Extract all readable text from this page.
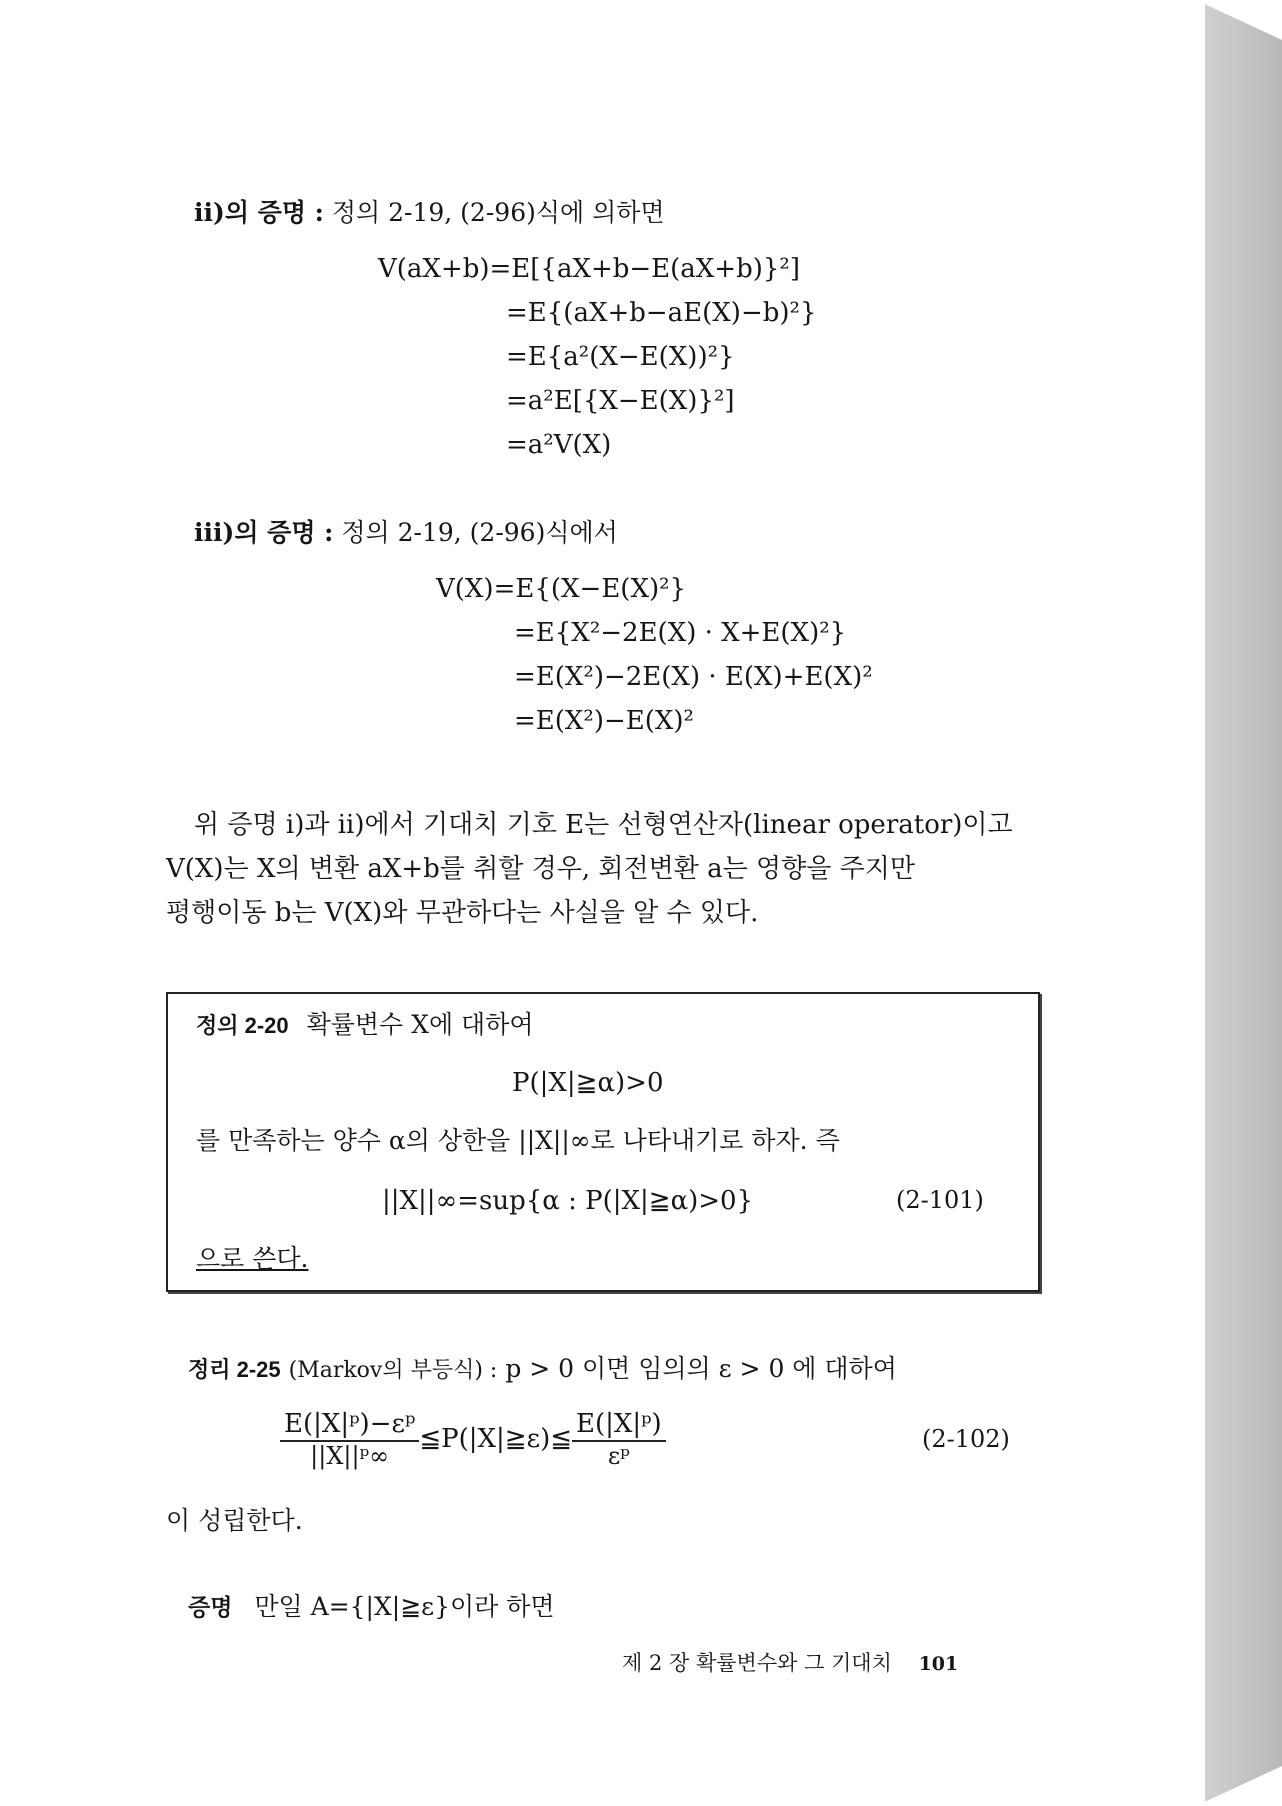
ii)의 증명 : 정의 2-19, (2-96)식에 의하면
V(aX+b)=E[{aX+b−E(aX+b)}²]
=E{(aX+b−aE(X)−b)²}
=E{a²(X−E(X))²}
=a²E[{X−E(X)}²]
=a²V(X)
iii)의 증명 : 정의 2-19, (2-96)식에서
V(X)=E{(X−E(X)²}
=E{X²−2E(X) · X+E(X)²}
=E(X²)−2E(X) · E(X)+E(X)²
=E(X²)−E(X)²
위 증명 i)과 ii)에서 기대치 기호 E는 선형연산자(linear operator)이고
V(X)는 X의 변환 aX+b를 취할 경우, 회전변환 a는 영향을 주지만
평행이동 b는 V(X)와 무관하다는 사실을 알 수 있다.
정의 2-20 확률변수 X에 대하여
P(|X|≧α)>0
를 만족하는 양수 α의 상한을 ||X||∞로 나타내기로 하자. 즉
||X||∞=sup{α : P(|X|≧α)>0}	(2-101)
으로 쓴다.
정리 2-25 (Markov의 부등식) : p > 0 이면 임의의 ε > 0 에 대하여
$\frac{\text{E(|X|ᵖ)−εᵖ}}{\text{||X||ᵖ∞}}$ ≦P(|X|≧ε)≦ $\frac{\text{E(|X|ᵖ)}}{\text{εᵖ}}$	(2-102)
이 성립한다.
증명 만일 A={|X|≧ε}이라 하면
제 2 장 확률변수와 그 기대치 101
